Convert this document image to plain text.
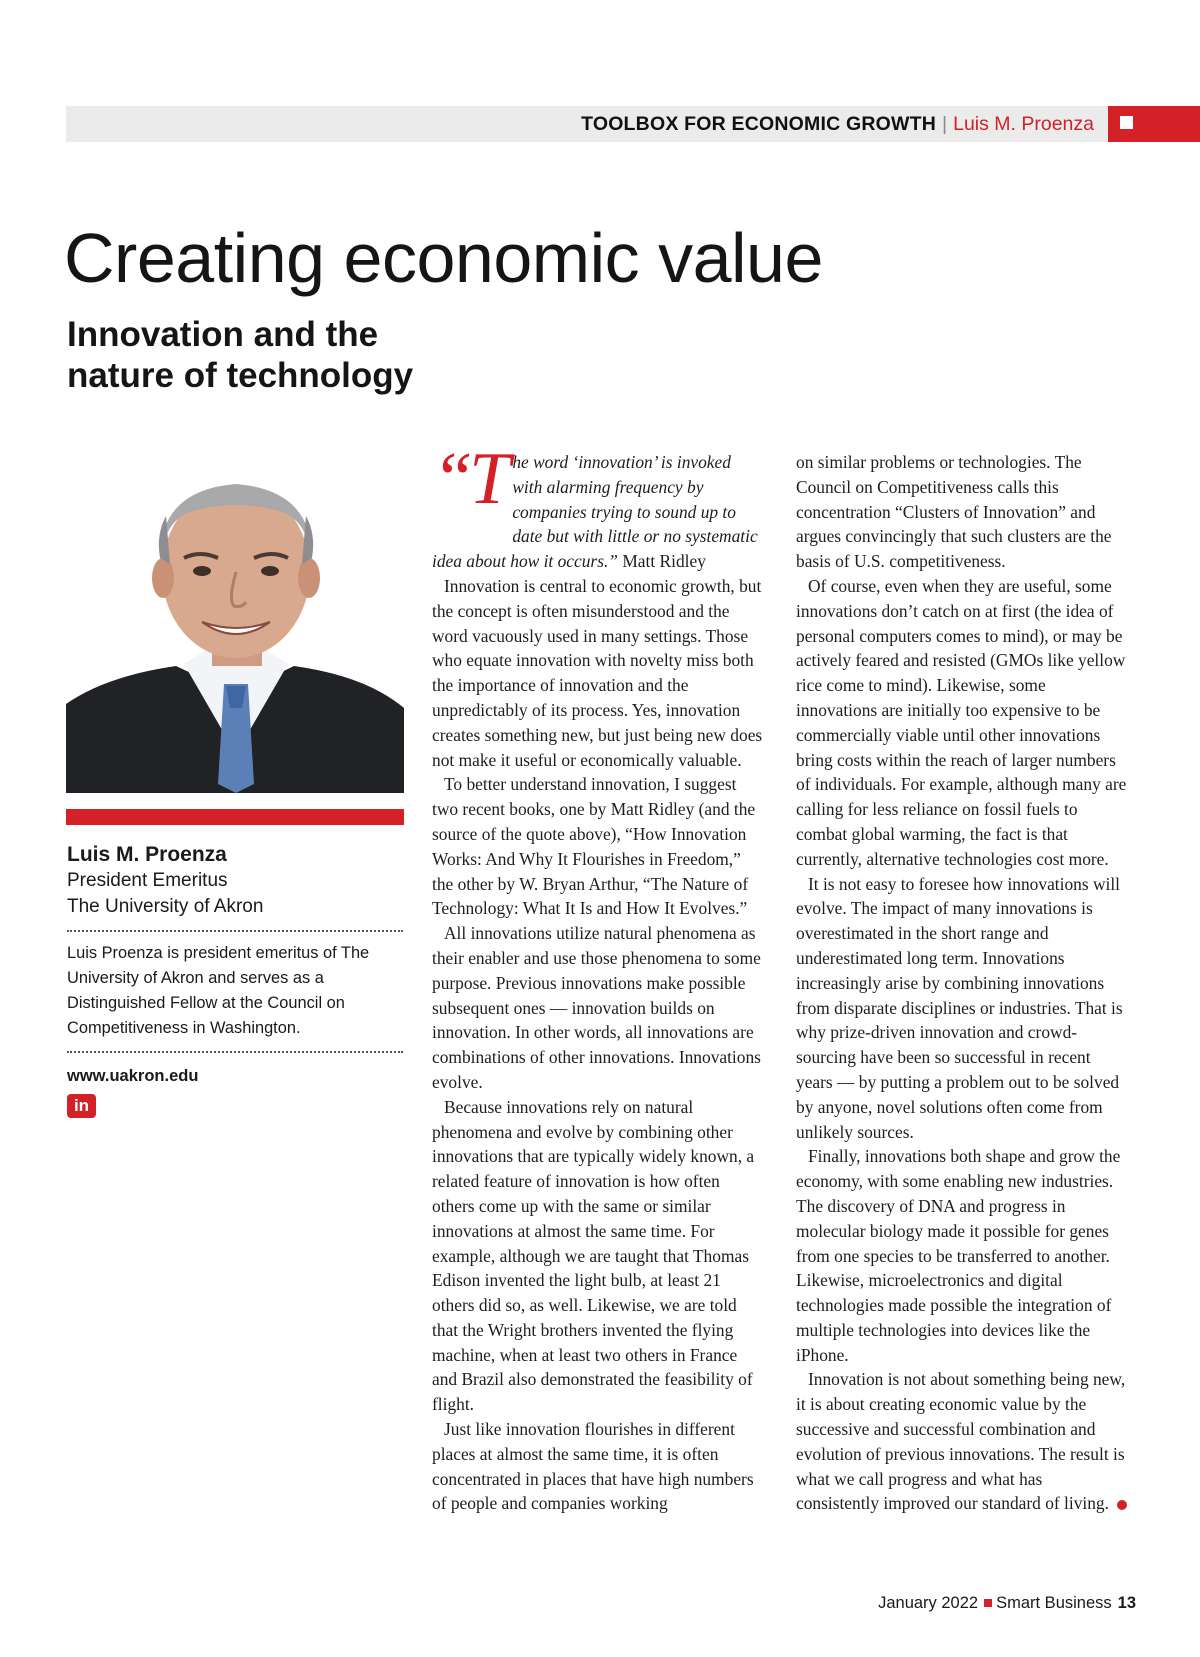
TOOLBOX FOR ECONOMIC GROWTH | Luis M. Proenza
Creating economic value
Innovation and the
nature of technology
Luis M. Proenza
President Emeritus
The University of Akron
Luis Proenza is president emeritus of The University of Akron and serves as a Distinguished Fellow at the Council on Competitiveness in Washington.
www.uakron.edu
in

“The word ‘innovation’ is invoked with alarming frequency by companies trying to sound up to date but with little or no systematic idea about how it occurs.” Matt Ridley

Innovation is central to economic growth, but the concept is often misunderstood and the word vacuously used in many settings. Those who equate innovation with novelty miss both the importance of innovation and the unpredictably of its process. Yes, innovation creates something new, but just being new does not make it useful or economically valuable.

To better understand innovation, I suggest two recent books, one by Matt Ridley (and the source of the quote above), “How Innovation Works: And Why It Flourishes in Freedom,” the other by W. Bryan Arthur, “The Nature of Technology: What It Is and How It Evolves.”

All innovations utilize natural phenomena as their enabler and use those phenomena to some purpose. Previous innovations make possible subsequent ones — innovation builds on innovation. In other words, all innovations are combinations of other innovations. Innovations evolve.

Because innovations rely on natural phenomena and evolve by combining other innovations that are typically widely known, a related feature of innovation is how often others come up with the same or similar innovations at almost the same time. For example, although we are taught that Thomas Edison invented the light bulb, at least 21 others did so, as well. Likewise, we are told that the Wright brothers invented the flying machine, when at least two others in France and Brazil also demonstrated the feasibility of flight.

Just like innovation flourishes in different places at almost the same time, it is often concentrated in places that have high numbers of people and companies working

on similar problems or technologies. The Council on Competitiveness calls this concentration “Clusters of Innovation” and argues convincingly that such clusters are the basis of U.S. competitiveness.

Of course, even when they are useful, some innovations don’t catch on at first (the idea of personal computers comes to mind), or may be actively feared and resisted (GMOs like yellow rice come to mind). Likewise, some innovations are initially too expensive to be commercially viable until other innovations bring costs within the reach of larger numbers of individuals. For example, although many are calling for less reliance on fossil fuels to combat global warming, the fact is that currently, alternative technologies cost more.

It is not easy to foresee how innovations will evolve. The impact of many innovations is overestimated in the short range and underestimated long term. Innovations increasingly arise by combining innovations from disparate disciplines or industries. That is why prize-driven innovation and crowd-sourcing have been so successful in recent years — by putting a problem out to be solved by anyone, novel solutions often come from unlikely sources.

Finally, innovations both shape and grow the economy, with some enabling new industries. The discovery of DNA and progress in molecular biology made it possible for genes from one species to be transferred to another. Likewise, microelectronics and digital technologies made possible the integration of multiple technologies into devices like the iPhone.

Innovation is not about something being new, it is about creating economic value by the successive and successful combination and evolution of previous innovations. The result is what we call progress and what has consistently improved our standard of living.

January 2022 Smart Business 13
